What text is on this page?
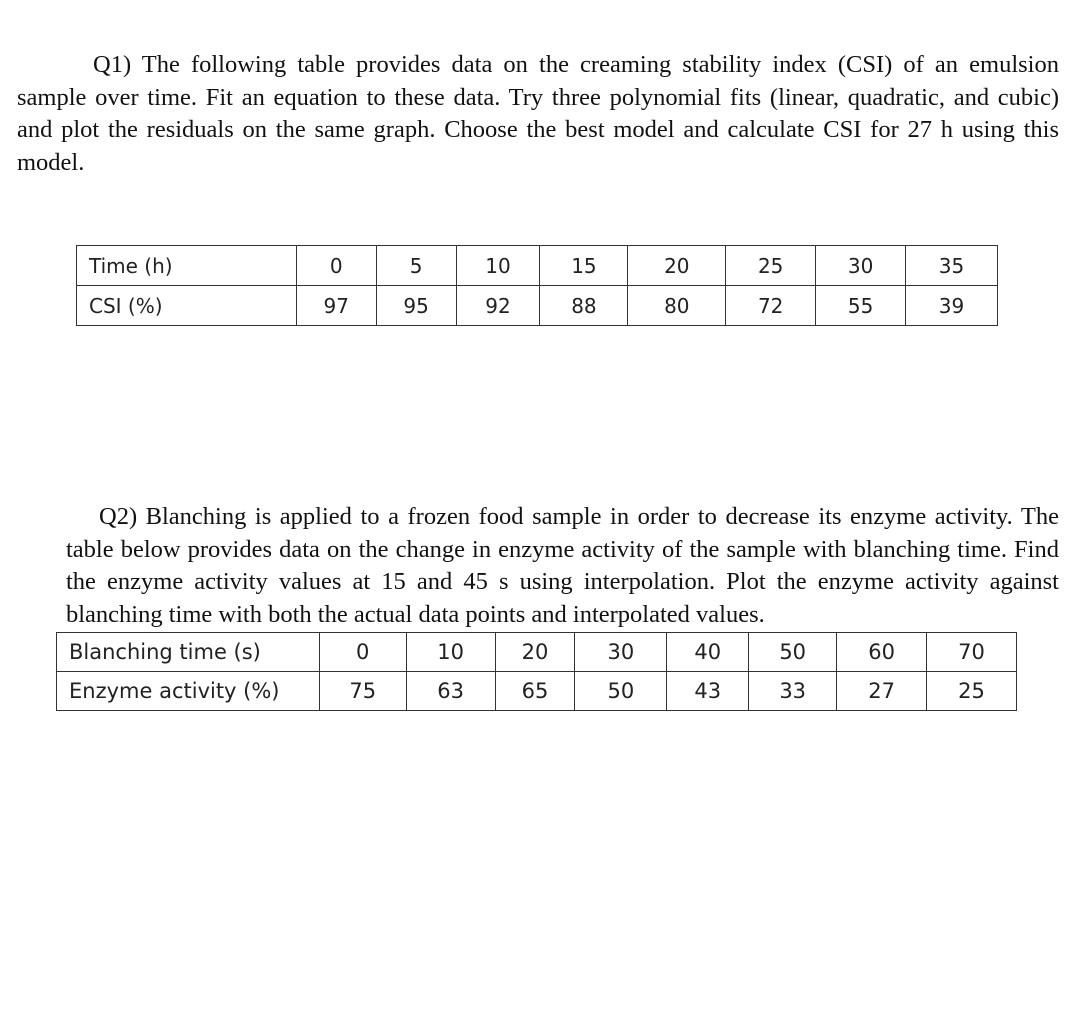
Q1) The following table provides data on the creaming stability index (CSI) of an emulsion sample over time. Fit an equation to these data. Try three polynomial fits (linear, quadratic, and cubic) and plot the residuals on the same graph. Choose the best model and calculate CSI for 27 h using this model.

Time (h)	0	5	10	15	20	25	30	35
CSI (%)	97	95	92	88	80	72	55	39

Q2) Blanching is applied to a frozen food sample in order to decrease its enzyme activity. The table below provides data on the change in enzyme activity of the sample with blanching time. Find the enzyme activity values at 15 and 45 s using interpolation. Plot the enzyme activity against blanching time with both the actual data points and interpolated values.

Blanching time (s)	0	10	20	30	40	50	60	70
Enzyme activity (%)	75	63	65	50	43	33	27	25
